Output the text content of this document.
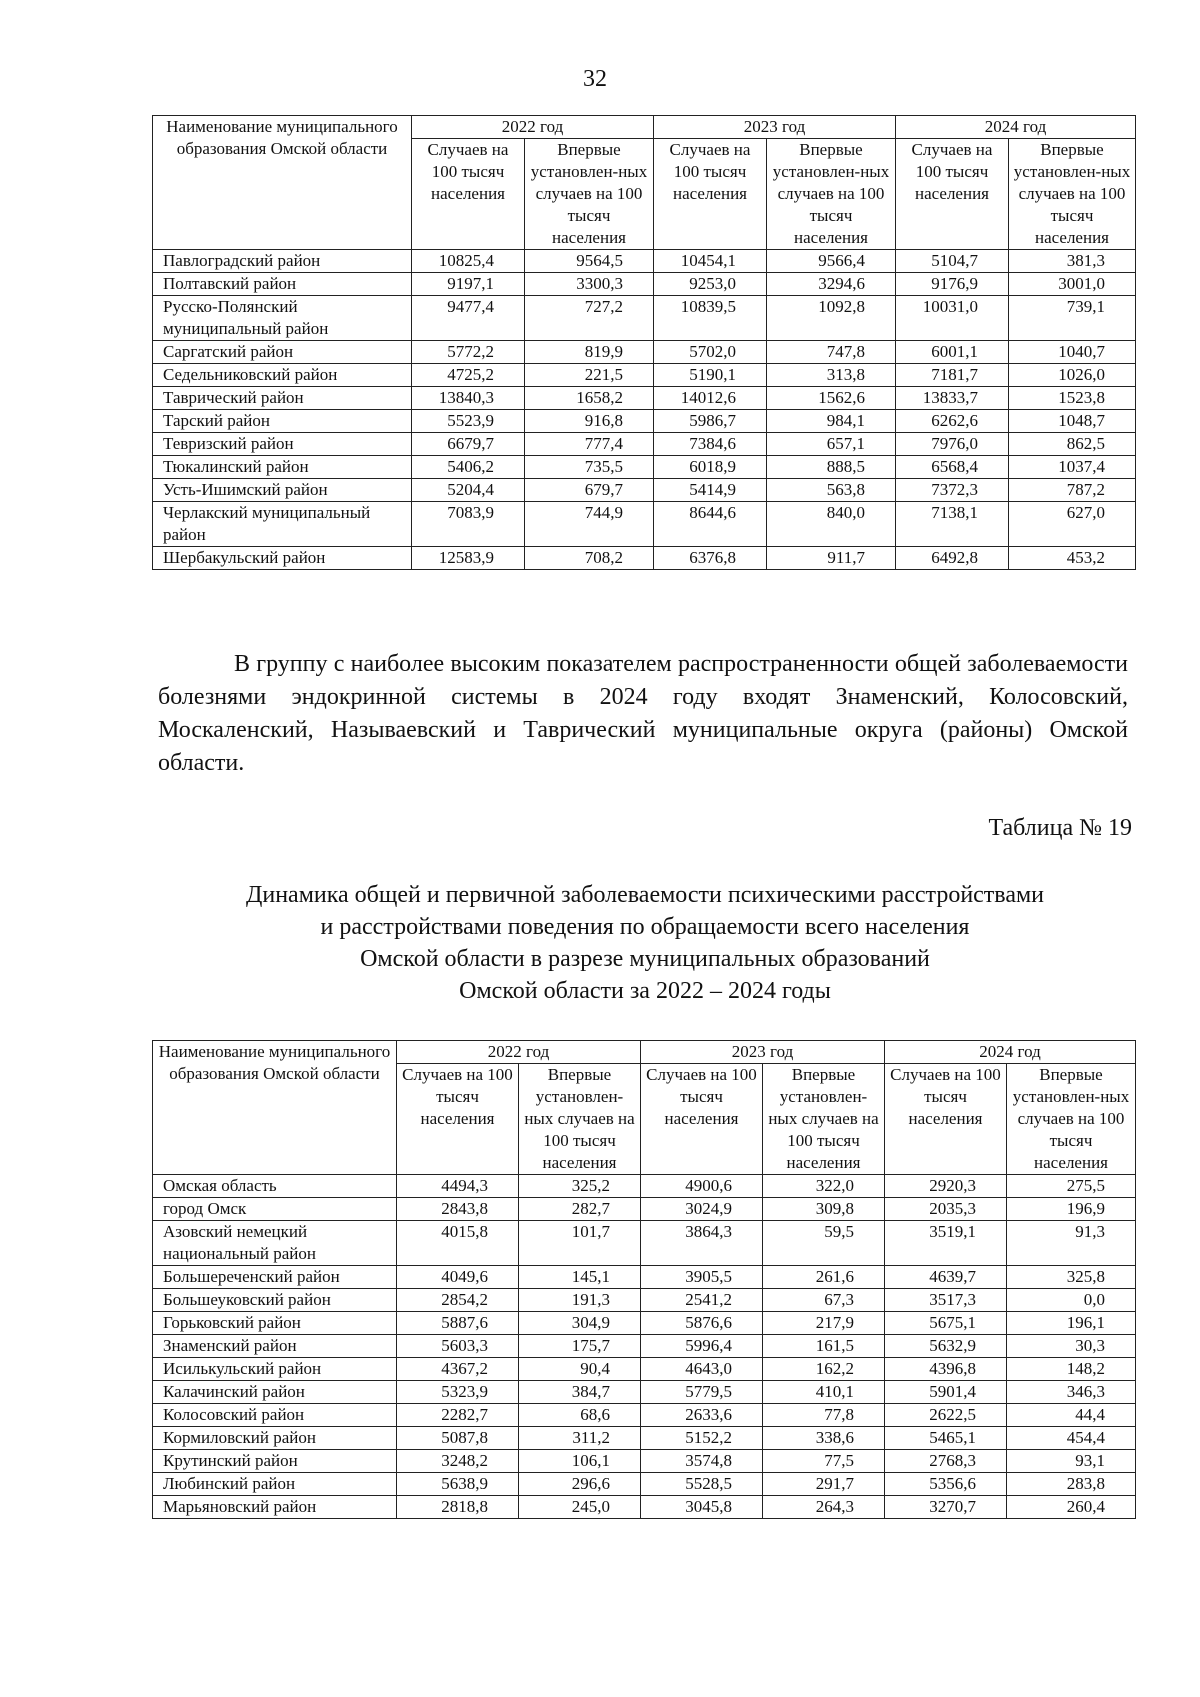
32
Наименование муниципального образования Омской области	2022 год		2023 год		2024 год	
	Случаев на 100 тысяч населения	Впервые установлен-ных случаев на 100 тысяч населения	Случаев на 100 тысяч населения	Впервые установлен-ных случаев на 100 тысяч населения	Случаев на 100 тысяч населения	Впервые установлен-ных случаев на 100 тысяч населения
Павлоградский район	10825,4	9564,5	10454,1	9566,4	5104,7	381,3
Полтавский район	9197,1	3300,3	9253,0	3294,6	9176,9	3001,0
Русско-Полянский муниципальный район	9477,4	727,2	10839,5	1092,8	10031,0	739,1
Саргатский район	5772,2	819,9	5702,0	747,8	6001,1	1040,7
Седельниковский район	4725,2	221,5	5190,1	313,8	7181,7	1026,0
Таврический район	13840,3	1658,2	14012,6	1562,6	13833,7	1523,8
Тарский район	5523,9	916,8	5986,7	984,1	6262,6	1048,7
Тевризский район	6679,7	777,4	7384,6	657,1	7976,0	862,5
Тюкалинский район	5406,2	735,5	6018,9	888,5	6568,4	1037,4
Усть-Ишимский район	5204,4	679,7	5414,9	563,8	7372,3	787,2
Черлакский муниципальный район	7083,9	744,9	8644,6	840,0	7138,1	627,0
Шербакульский район	12583,9	708,2	6376,8	911,7	6492,8	453,2

В группу с наиболее высоким показателем распространенности общей заболеваемости болезнями эндокринной системы в 2024 году входят Знаменский, Колосовский, Москаленский, Называевский и Таврический муниципальные округа (районы) Омской области.

Таблица № 19

Динамика общей и первичной заболеваемости психическими расстройствами
и расстройствами поведения по обращаемости всего населения
Омской области в разрезе муниципальных образований
Омской области за 2022 – 2024 годы
Наименование муниципального образования Омской области	2022 год		2023 год		2024 год	
	Случаев на 100 тысяч населения	Впервые установлен-ных случаев на 100 тысяч населения	Случаев на 100 тысяч населения	Впервые установлен-ных случаев на 100 тысяч населения	Случаев на 100 тысяч населения	Впервые установлен-ных случаев на 100 тысяч населения
Омская область	4494,3	325,2	4900,6	322,0	2920,3	275,5
город Омск	2843,8	282,7	3024,9	309,8	2035,3	196,9
Азовский немецкий национальный район	4015,8	101,7	3864,3	59,5	3519,1	91,3
Большереченский район	4049,6	145,1	3905,5	261,6	4639,7	325,8
Большеуковский район	2854,2	191,3	2541,2	67,3	3517,3	0,0
Горьковский район	5887,6	304,9	5876,6	217,9	5675,1	196,1
Знаменский район	5603,3	175,7	5996,4	161,5	5632,9	30,3
Исилькульский район	4367,2	90,4	4643,0	162,2	4396,8	148,2
Калачинский район	5323,9	384,7	5779,5	410,1	5901,4	346,3
Колосовский район	2282,7	68,6	2633,6	77,8	2622,5	44,4
Кормиловский район	5087,8	311,2	5152,2	338,6	5465,1	454,4
Крутинский район	3248,2	106,1	3574,8	77,5	2768,3	93,1
Любинский район	5638,9	296,6	5528,5	291,7	5356,6	283,8
Марьяновский район	2818,8	245,0	3045,8	264,3	3270,7	260,4
